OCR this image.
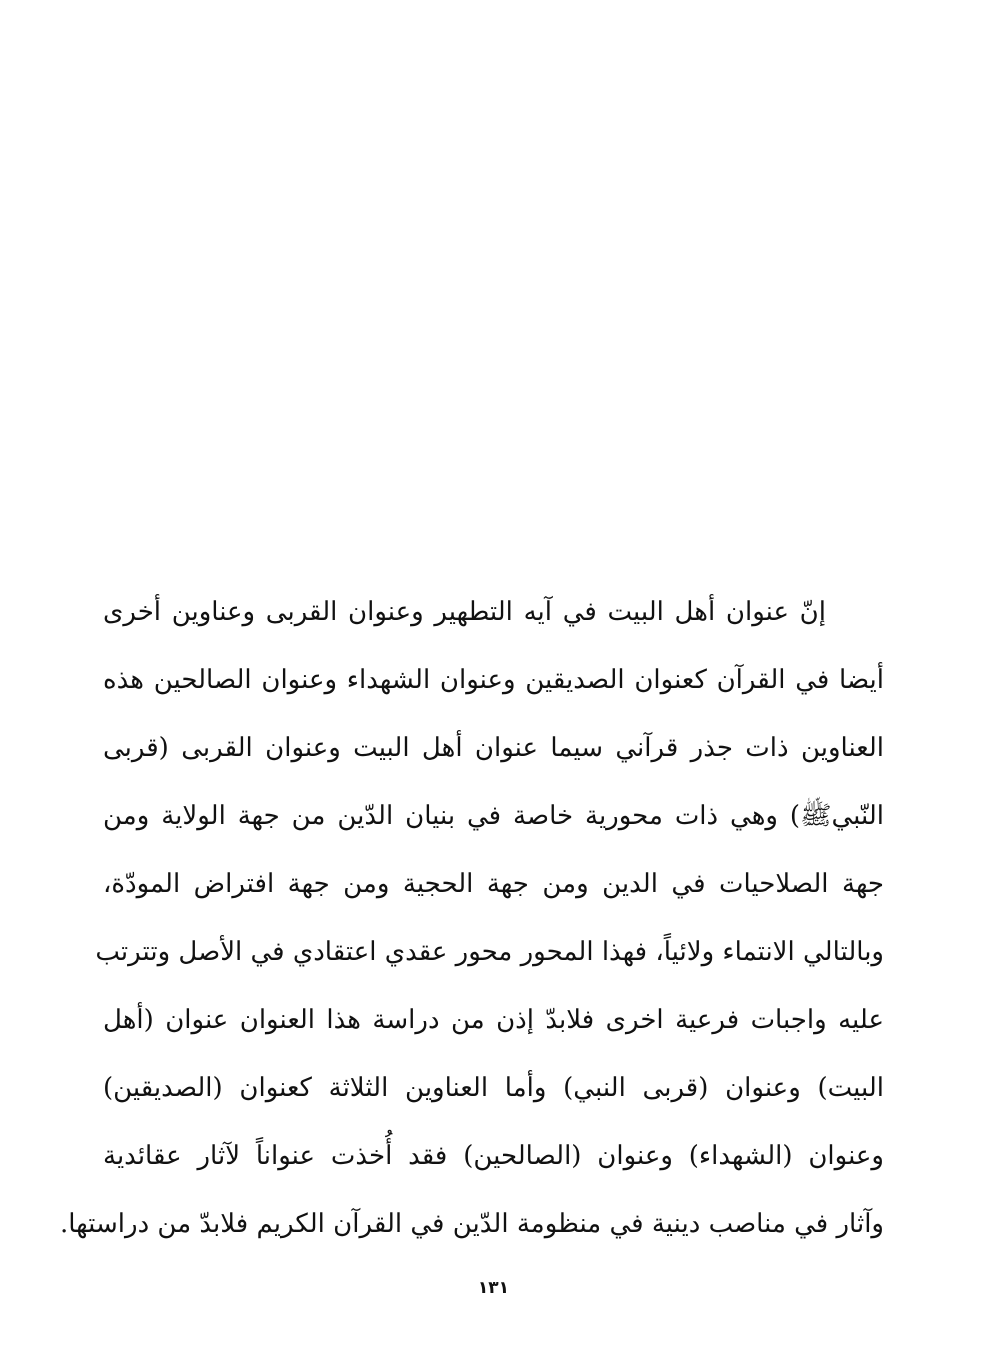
إنّ عنوان أهل البيت في آيه التطهير وعنوان القربى وعناوين أخرى
أيضا في القرآن كعنوان الصديقين وعنوان الشهداء وعنوان الصالحين هذه
العناوين ذات جذر قرآني سيما عنوان أهل البيت وعنوان القربى (قربى
النّبيﷺ) وهي ذات محورية خاصة في بنيان الدّين من جهة الولاية ومن
جهة الصلاحيات في الدين ومن جهة الحجية ومن جهة افتراض المودّة،
وبالتالي الانتماء ولائياً، فهذا المحور محور عقدي اعتقادي في الأصل وتترتب
عليه واجبات فرعية اخرى فلابدّ إذن من دراسة هذا العنوان عنوان (أهل
البيت) وعنوان (قربى النبي) وأما العناوين الثلاثة كعنوان (الصديقين)
وعنوان (الشهداء) وعنوان (الصالحين) فقد أُخذت عنواناً لآثار عقائدية
وآثار في مناصب دينية في منظومة الدّين في القرآن الكريم فلابدّ من دراستها.
١٣١
